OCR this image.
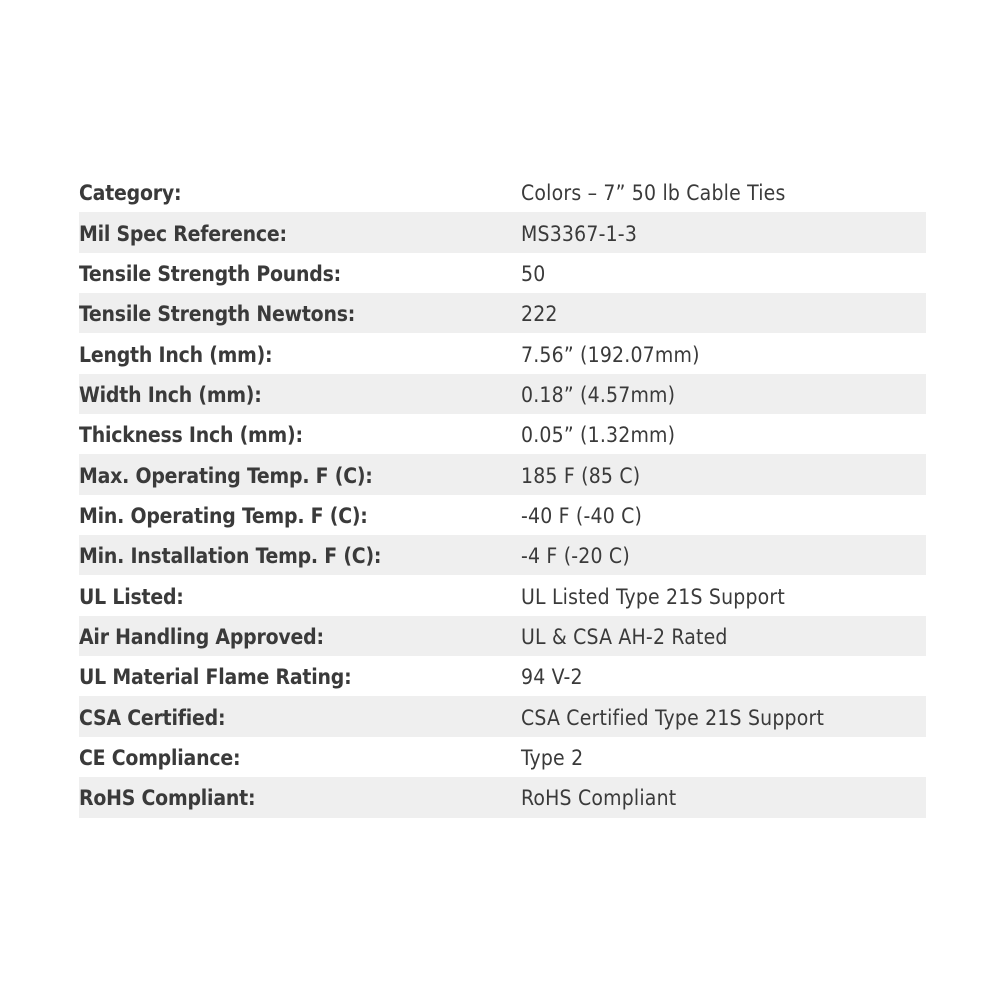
Category:	Colors – 7” 50 lb Cable Ties
Mil Spec Reference:	MS3367-1-3
Tensile Strength Pounds:	50
Tensile Strength Newtons:	222
Length Inch (mm):	7.56” (192.07mm)
Width Inch (mm):	0.18” (4.57mm)
Thickness Inch (mm):	0.05” (1.32mm)
Max. Operating Temp. F (C):	185 F (85 C)
Min. Operating Temp. F (C):	-40 F (-40 C)
Min. Installation Temp. F (C):	-4 F (-20 C)
UL Listed:	UL Listed Type 21S Support
Air Handling Approved:	UL & CSA AH-2 Rated
UL Material Flame Rating:	94 V-2
CSA Certified:	CSA Certified Type 21S Support
CE Compliance:	Type 2
RoHS Compliant:	RoHS Compliant
